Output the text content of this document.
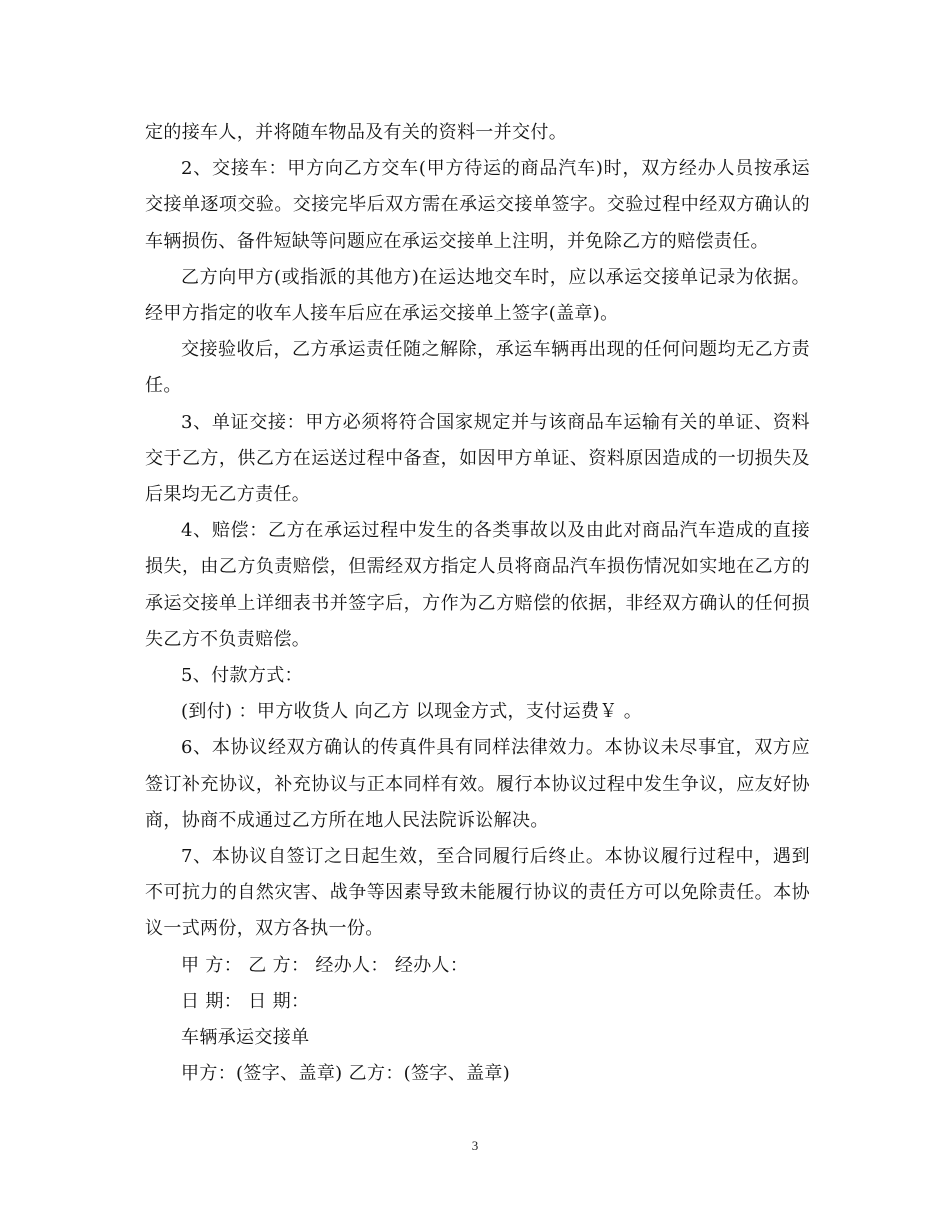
定的接车人，并将随车物品及有关的资料一并交付。

2、交接车：甲方向乙方交车(甲方待运的商品汽车)时，双方经办人员按承运交接单逐项交验。交接完毕后双方需在承运交接单签字。交验过程中经双方确认的车辆损伤、备件短缺等问题应在承运交接单上注明，并免除乙方的赔偿责任。

乙方向甲方(或指派的其他方)在运达地交车时，应以承运交接单记录为依据。经甲方指定的收车人接车后应在承运交接单上签字(盖章)。

交接验收后，乙方承运责任随之解除，承运车辆再出现的任何问题均无乙方责任。

3、单证交接：甲方必须将符合国家规定并与该商品车运输有关的单证、资料交于乙方，供乙方在运送过程中备查，如因甲方单证、资料原因造成的一切损失及后果均无乙方责任。

4、赔偿：乙方在承运过程中发生的各类事故以及由此对商品汽车造成的直接损失，由乙方负责赔偿，但需经双方指定人员将商品汽车损伤情况如实地在乙方的承运交接单上详细表书并签字后，方作为乙方赔偿的依据，非经双方确认的任何损失乙方不负责赔偿。

5、付款方式：

(到付) ：甲方收货人 向乙方 以现金方式，支付运费￥ 。

6、本协议经双方确认的传真件具有同样法律效力。本协议未尽事宜，双方应签订补充协议，补充协议与正本同样有效。履行本协议过程中发生争议，应友好协商，协商不成通过乙方所在地人民法院诉讼解决。

7、本协议自签订之日起生效，至合同履行后终止。本协议履行过程中，遇到不可抗力的自然灾害、战争等因素导致未能履行协议的责任方可以免除责任。本协议一式两份，双方各执一份。

甲 方： 乙 方： 经办人： 经办人：

日 期： 日 期：

车辆承运交接单

甲方：(签字、盖章) 乙方：(签字、盖章)

3
